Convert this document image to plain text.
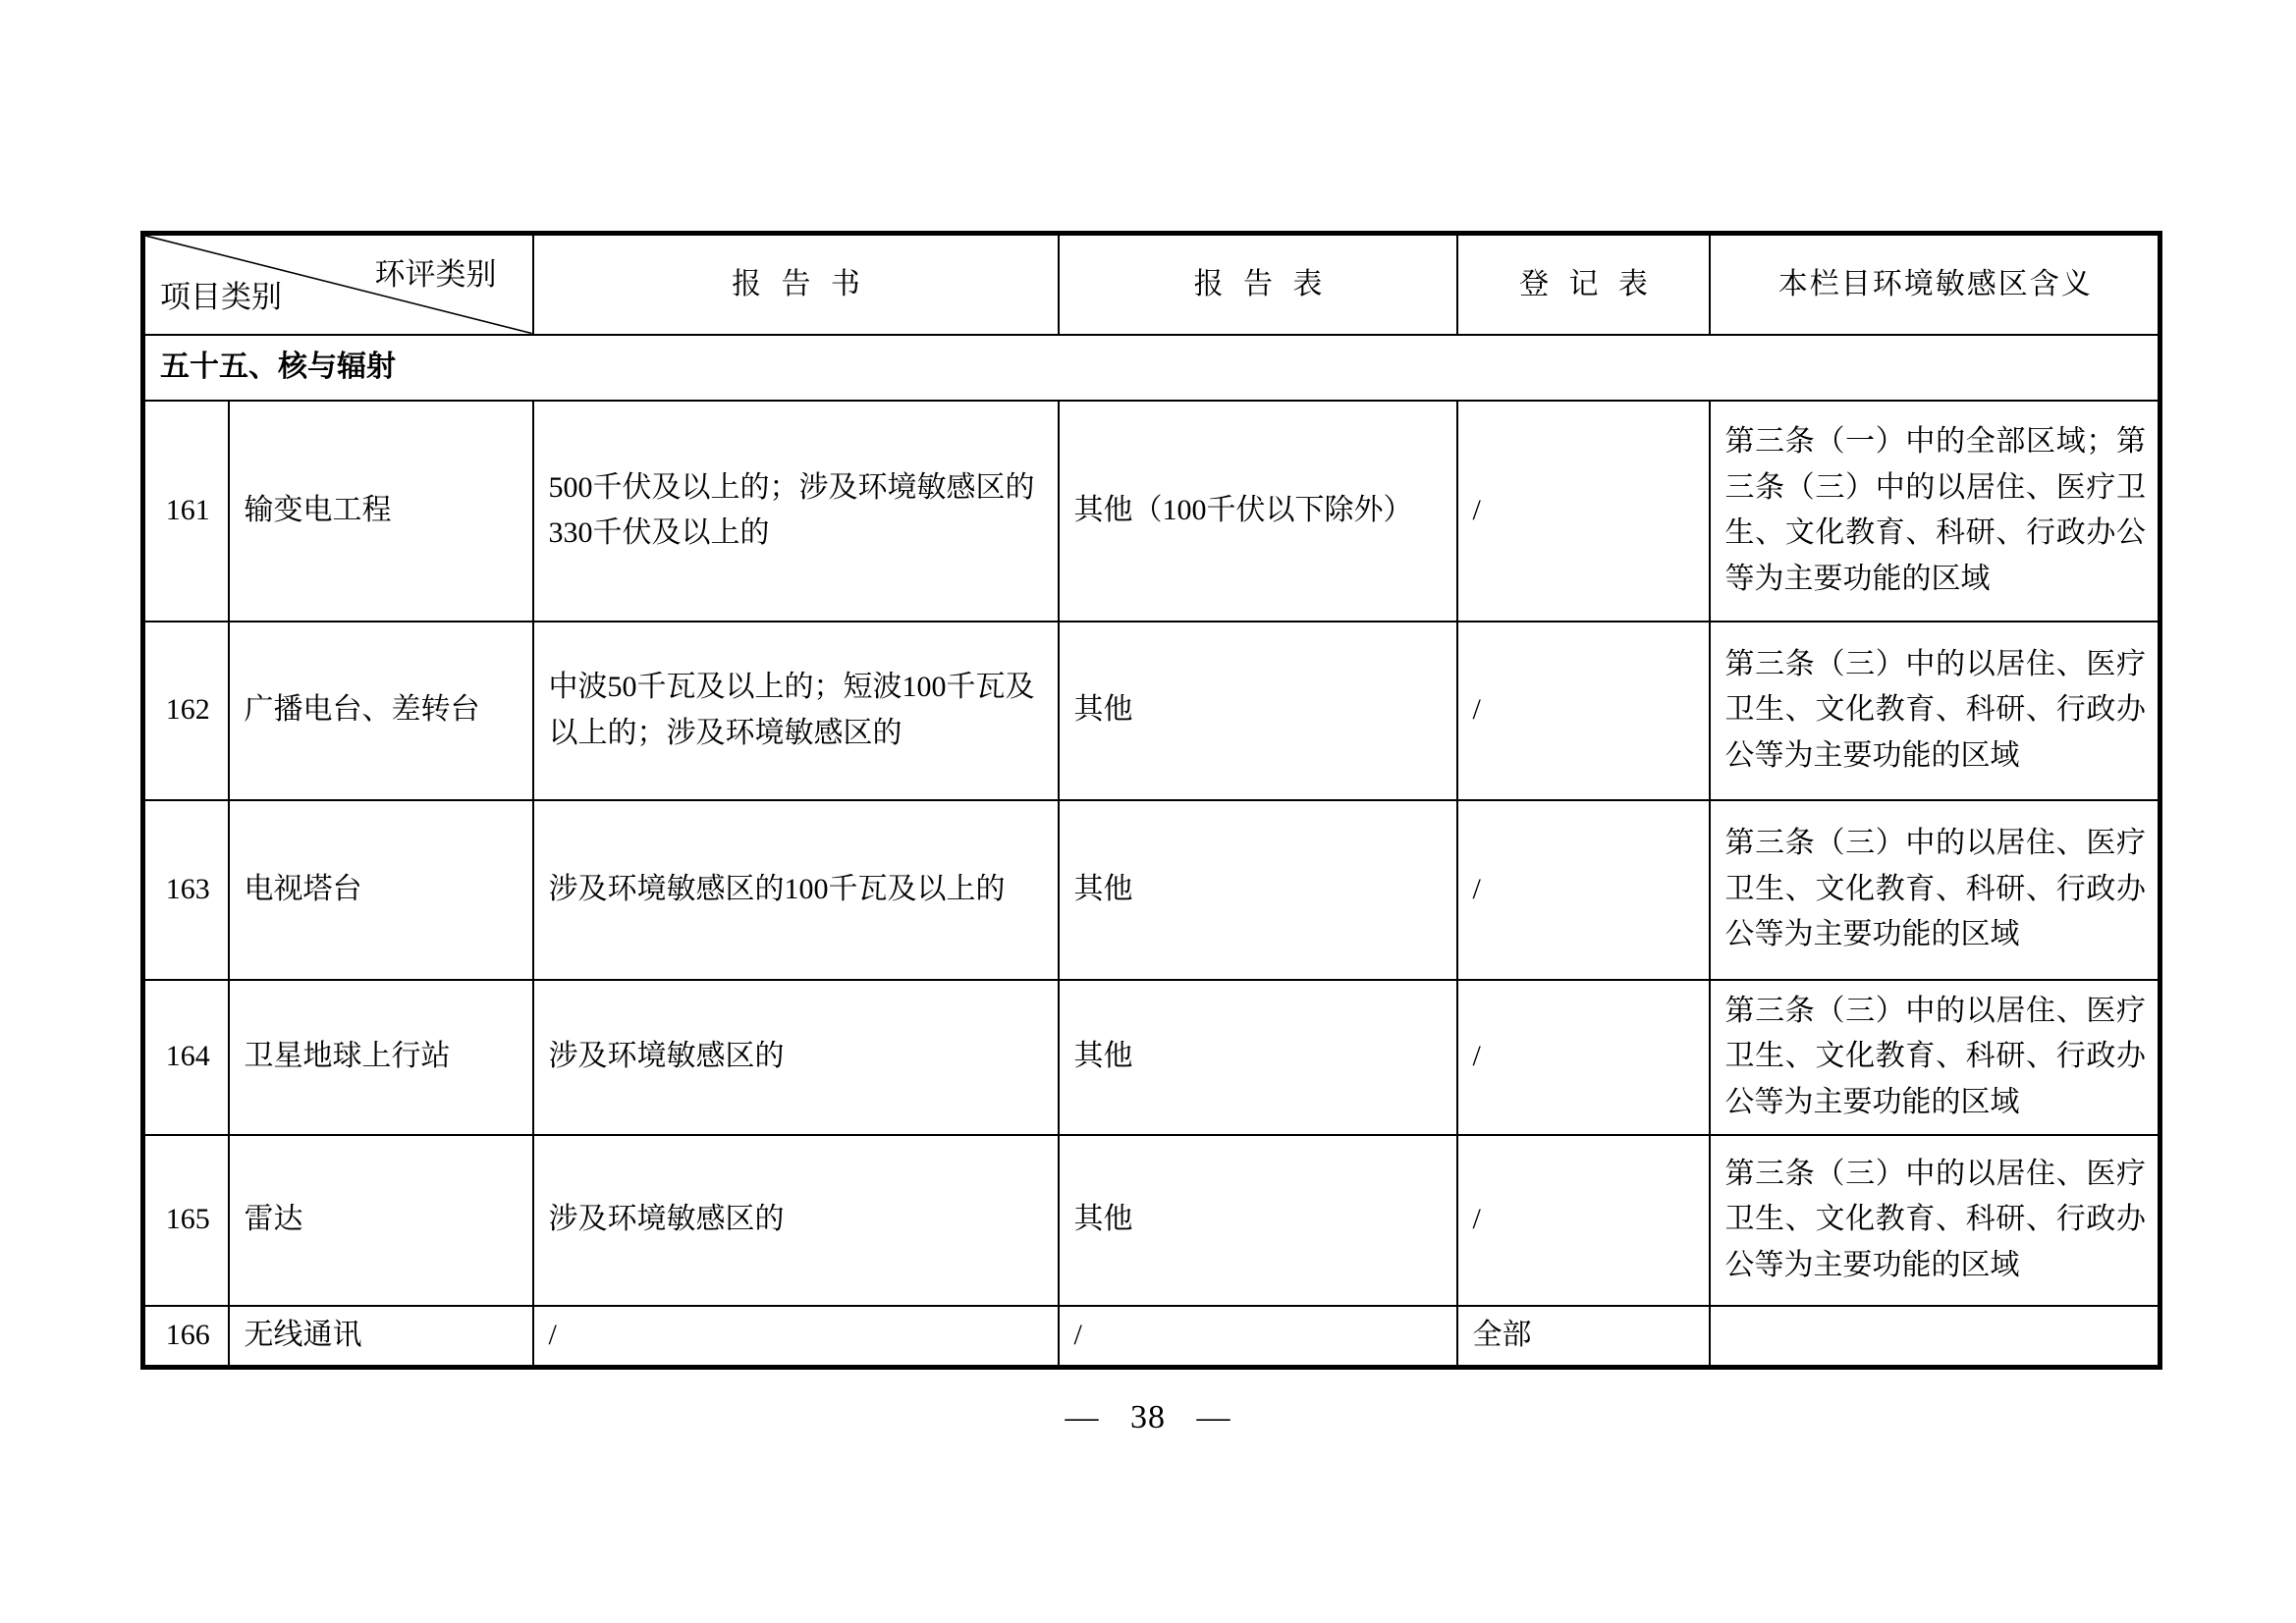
环评类别
项目类别		报 告 书	报 告 表	登 记 表	本栏目环境敏感区含义
五十五、核与辐射					
161	输变电工程	500千伏及以上的；涉及环境敏感区的330千伏及以上的	其他（100千伏以下除外）	/	第三条（一）中的全部区域；第三条（三）中的以居住、医疗卫生、文化教育、科研、行政办公等为主要功能的区域
162	广播电台、差转台	中波50千瓦及以上的；短波100千瓦及以上的；涉及环境敏感区的	其他	/	第三条（三）中的以居住、医疗卫生、文化教育、科研、行政办公等为主要功能的区域
163	电视塔台	涉及环境敏感区的100千瓦及以上的	其他	/	第三条（三）中的以居住、医疗卫生、文化教育、科研、行政办公等为主要功能的区域
164	卫星地球上行站	涉及环境敏感区的	其他	/	第三条（三）中的以居住、医疗卫生、文化教育、科研、行政办公等为主要功能的区域
165	雷达	涉及环境敏感区的	其他	/	第三条（三）中的以居住、医疗卫生、文化教育、科研、行政办公等为主要功能的区域
166	无线通讯	/	/	全部	
— 38 —
